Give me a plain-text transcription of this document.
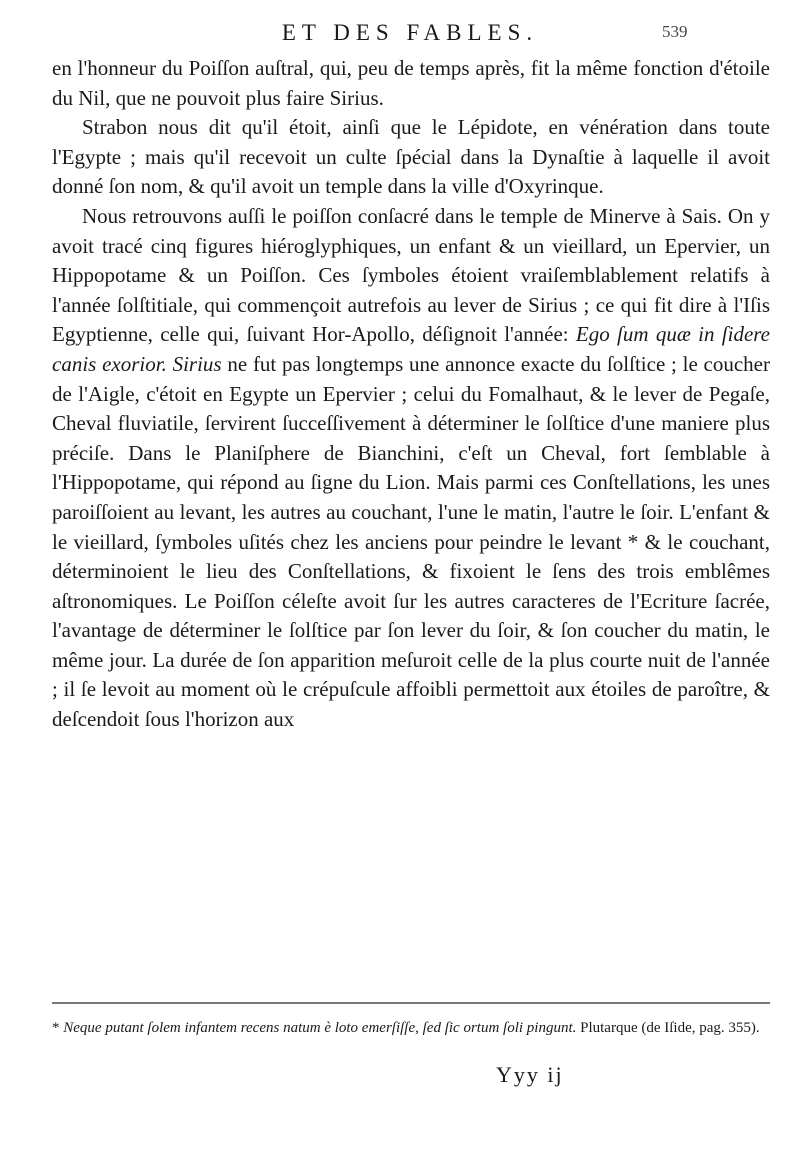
ET DES FABLES.	539

en l'honneur du Poiſſon auſtral, qui, peu de temps après, fit la même fonction d'étoile du Nil, que ne pouvoit plus faire Sirius.

Strabon nous dit qu'il étoit, ainſi que le Lépidote, en vénération dans toute l'Egypte ; mais qu'il recevoit un culte ſpécial dans la Dynaſtie à laquelle il avoit donné ſon nom, & qu'il avoit un temple dans la ville d'Oxyrinque.

Nous retrouvons auſſi le poiſſon conſacré dans le temple de Minerve à Sais. On y avoit tracé cinq figures hiéroglyphiques, un enfant & un vieillard, un Epervier, un Hippopotame & un Poiſſon. Ces ſymboles étoient vraiſemblablement relatifs à l'année ſolſtitiale, qui commençoit autrefois au lever de Sirius ; ce qui fit dire à l'Iſis Egyptienne, celle qui, ſuivant Hor-Apollo, déſignoit l'année: Ego ſum quæ in ſidere canis exorior. Sirius ne fut pas longtemps une annonce exacte du ſolſtice ; le coucher de l'Aigle, c'étoit en Egypte un Epervier ; celui du Fomalhaut, & le lever de Pegaſe, Cheval fluviatile, ſervirent ſucceſſivement à déterminer le ſolſtice d'une maniere plus préciſe. Dans le Planiſphere de Bianchini, c'eſt un Cheval, fort ſemblable à l'Hippopotame, qui répond au ſigne du Lion. Mais parmi ces Conſtellations, les unes paroiſſoient au levant, les autres au couchant, l'une le matin, l'autre le ſoir. L'enfant & le vieillard, ſymboles uſités chez les anciens pour peindre le levant * & le couchant, déterminoient le lieu des Conſtellations, & fixoient le ſens des trois emblêmes aſtronomiques. Le Poiſſon céleſte avoit ſur les autres caracteres de l'Ecriture ſacrée, l'avantage de déterminer le ſolſtice par ſon lever du ſoir, & ſon coucher du matin, le même jour. La durée de ſon apparition meſuroit celle de la plus courte nuit de l'année ; il ſe levoit au moment où le crépuſcule affoibli permettoit aux étoiles de paroître, & deſcendoit ſous l'horizon aux

* Neque putant ſolem infantem recens natum è loto emerſiſſe, ſed ſic ortum ſoli pingunt. Plutarque (de Iſide, pag. 355).
Yyy ij
